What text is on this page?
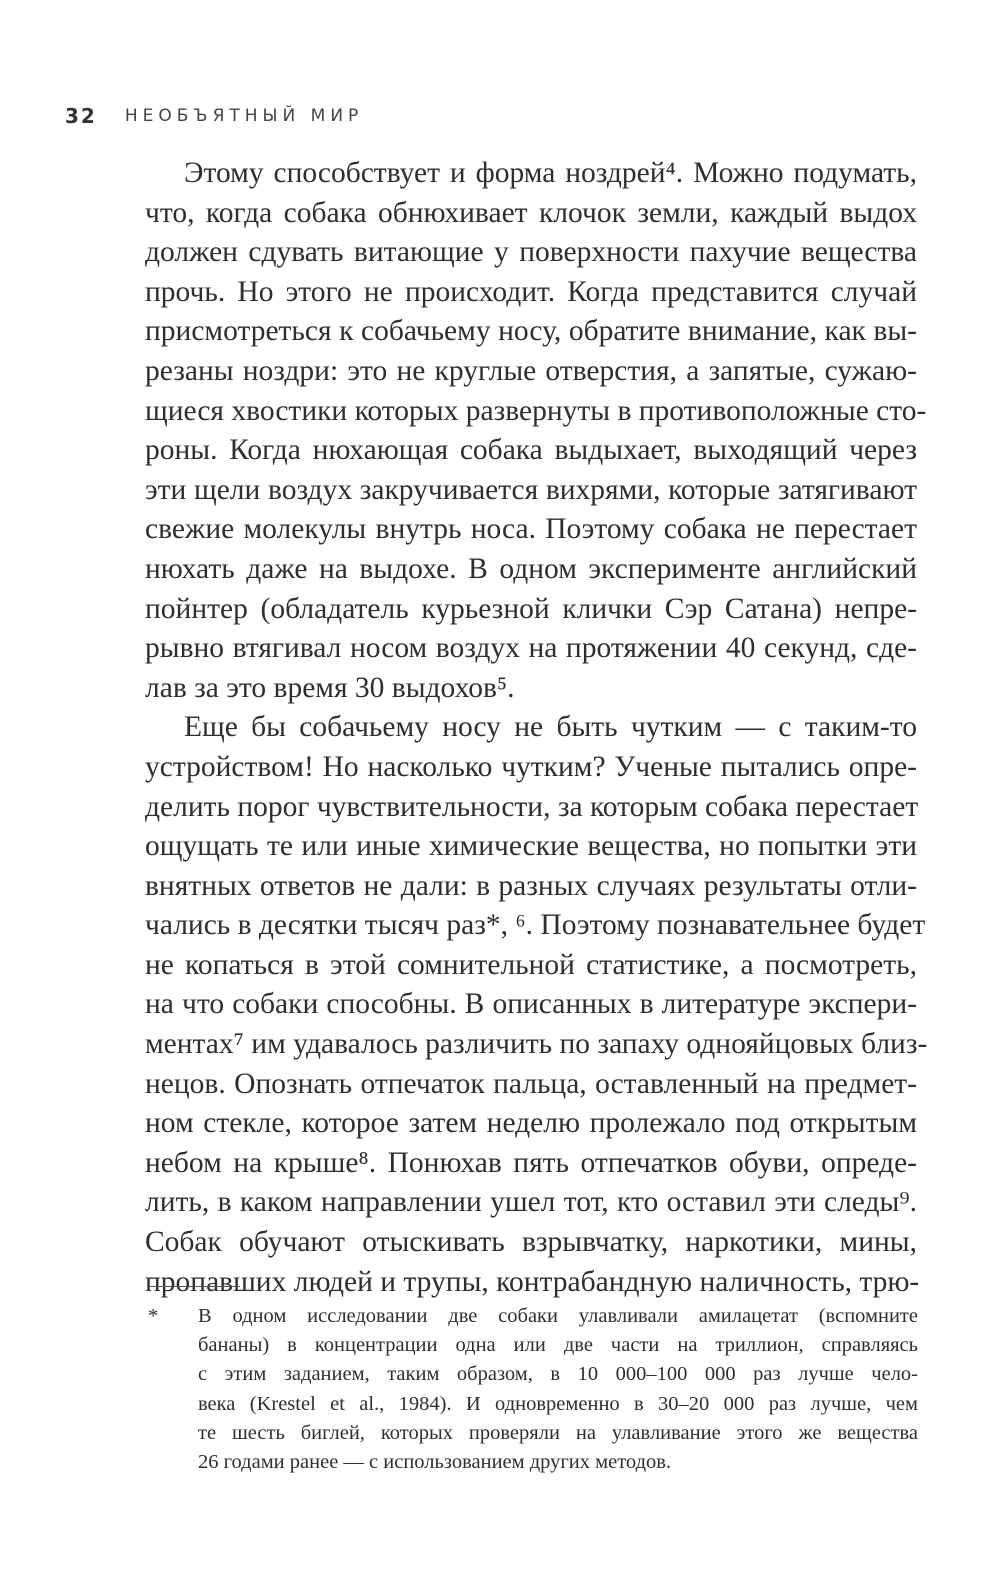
32 НЕОБЪЯТНЫЙ МИР
Этому способствует и форма ноздрей⁴. Можно подумать,
что, когда собака обнюхивает клочок земли, каждый выдох
должен сдувать витающие у поверхности пахучие вещества
прочь. Но этого не происходит. Когда представится случай
присмотреться к собачьему носу, обратите внимание, как вы-
резаны ноздри: это не круглые отверстия, а запятые, сужаю-
щиеся хвостики которых развернуты в противоположные сто-
роны. Когда нюхающая собака выдыхает, выходящий через
эти щели воздух закручивается вихрями, которые затягивают
свежие молекулы внутрь носа. Поэтому собака не перестает
нюхать даже на выдохе. В одном эксперименте английский
пойнтер (обладатель курьезной клички Сэр Сатана) непре-
рывно втягивал носом воздух на протяжении 40 секунд, сде-
лав за это время 30 выдохов⁵.
Еще бы собачьему носу не быть чутким — с таким-то
устройством! Но насколько чутким? Ученые пытались опре-
делить порог чувствительности, за которым собака перестает
ощущать те или иные химические вещества, но попытки эти
внятных ответов не дали: в разных случаях результаты отли-
чались в десятки тысяч раз*, ⁶. Поэтому познавательнее будет
не копаться в этой сомнительной статистике, а посмотреть,
на что собаки способны. В описанных в литературе экспери-
ментах⁷ им удавалось различить по запаху однояйцовых близ-
нецов. Опознать отпечаток пальца, оставленный на предмет-
ном стекле, которое затем неделю пролежало под открытым
небом на крыше⁸. Понюхав пять отпечатков обуви, опреде-
лить, в каком направлении ушел тот, кто оставил эти следы⁹.
Собак обучают отыскивать взрывчатку, наркотики, мины,
пропавших людей и трупы, контрабандную наличность, трю-
* В одном исследовании две собаки улавливали амилацетат (вспомните
бананы) в концентрации одна или две части на триллион, справляясь
с этим заданием, таким образом, в 10 000–100 000 раз лучше чело-
века (Krestel et al., 1984). И одновременно в 30–20 000 раз лучше, чем
те шесть биглей, которых проверяли на улавливание этого же вещества
26 годами ранее — с использованием других методов.
